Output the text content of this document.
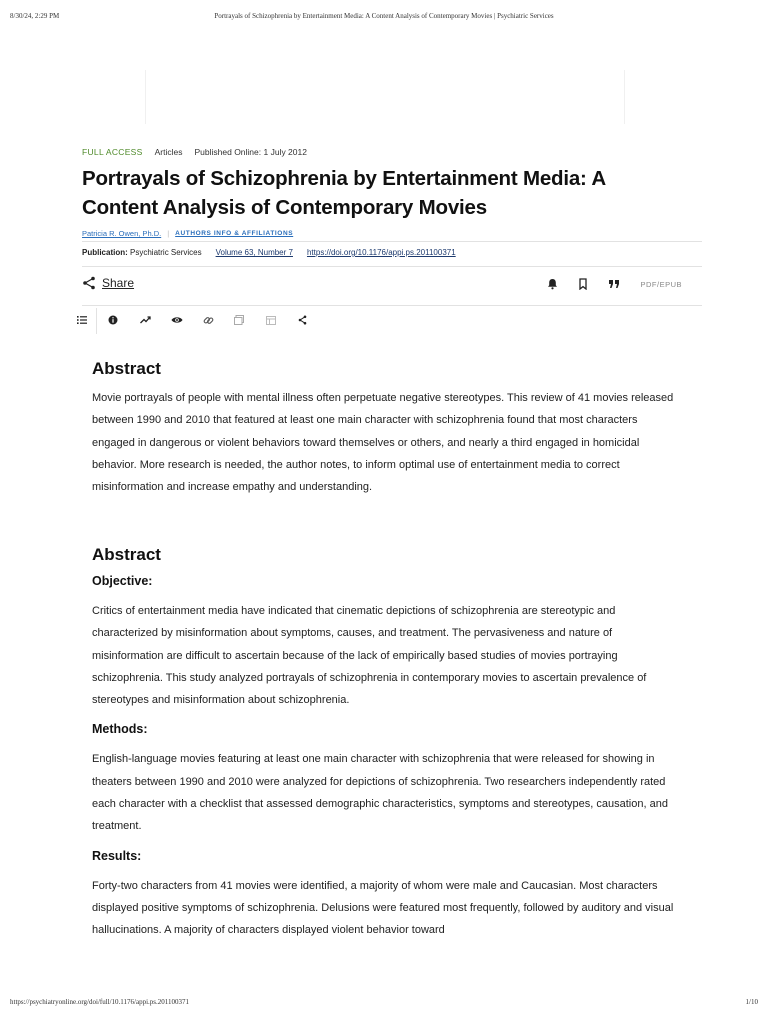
8/30/24, 2:29 PM	Portrayals of Schizophrenia by Entertainment Media: A Content Analysis of Contemporary Movies | Psychiatric Services
FULL ACCESS Articles Published Online: 1 July 2012
Portrayals of Schizophrenia by Entertainment Media: A Content Analysis of Contemporary Movies
Patricia R. Owen, Ph.D. | AUTHORS INFO & AFFILIATIONS
Publication: Psychiatric Services Volume 63, Number 7 https://doi.org/10.1176/appi.ps.201100371
Share	PDF/EPUB
Abstract

Movie portrayals of people with mental illness often perpetuate negative stereotypes. This review of 41 movies released between 1990 and 2010 that featured at least one main character with schizophrenia found that most characters engaged in dangerous or violent behaviors toward themselves or others, and nearly a third engaged in homicidal behavior. More research is needed, the author notes, to inform optimal use of entertainment media to correct misinformation and increase empathy and understanding.

Abstract
Objective:

Critics of entertainment media have indicated that cinematic depictions of schizophrenia are stereotypic and characterized by misinformation about symptoms, causes, and treatment. The pervasiveness and nature of misinformation are difficult to ascertain because of the lack of empirically based studies of movies portraying schizophrenia. This study analyzed portrayals of schizophrenia in contemporary movies to ascertain prevalence of stereotypes and misinformation about schizophrenia.

Methods:

English-language movies featuring at least one main character with schizophrenia that were released for showing in theaters between 1990 and 2010 were analyzed for depictions of schizophrenia. Two researchers independently rated each character with a checklist that assessed demographic characteristics, symptoms and stereotypes, causation, and treatment.

Results:

Forty-two characters from 41 movies were identified, a majority of whom were male and Caucasian. Most characters displayed positive symptoms of schizophrenia. Delusions were featured most frequently, followed by auditory and visual hallucinations. A majority of characters displayed violent behavior toward

https://psychiatryonline.org/doi/full/10.1176/appi.ps.201100371	1/10
